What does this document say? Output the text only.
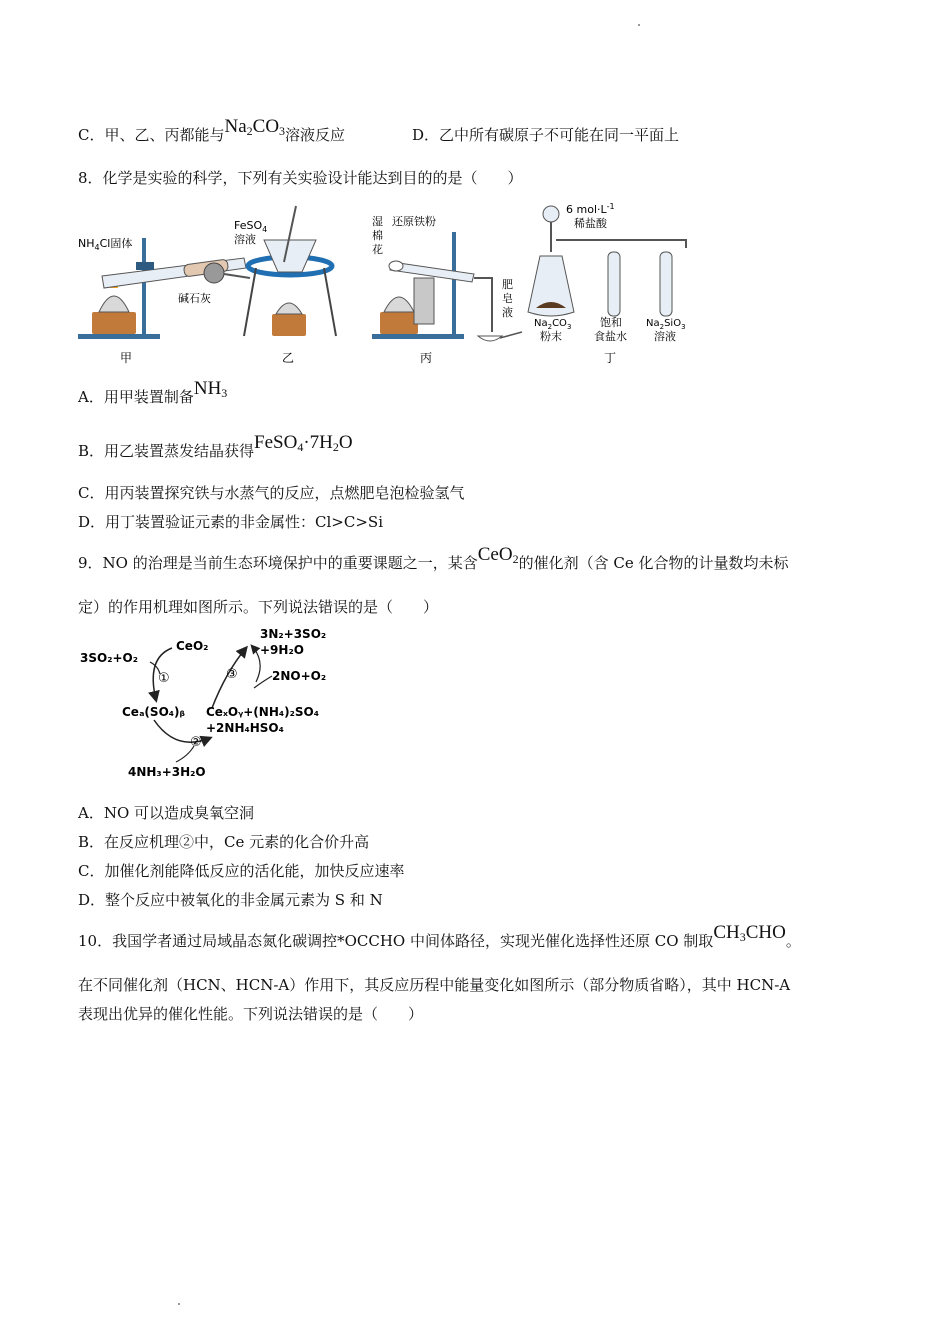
C．甲、乙、丙都能与$Na_2CO_3$溶液反应	D．乙中所有碳原子不可能在同一平面上
8．化学是实验的科学，下列有关实验设计能达到目的的是（　　）
$NH_4Cl$固体
碱石灰
甲
FeSO$_4$
溶液
乙
还原铁粉
湿
棉
花
肥
皂
液
丙
6 $mol\cdot L^{-1}$
稀盐酸
$Na_2CO_3$
粉末
饱和
食盐水
$Na_2SiO_3$
溶液
丁
A．用甲装置制备$NH_3$
B．用乙装置蒸发结晶获得$FeSO_4\cdot 7H_2O$
C．用丙装置探究铁与水蒸气的反应，点燃肥皂泡检验氢气
D．用丁装置验证元素的非金属性：Cl>C>Si
9．NO 的治理是当前生态环境保护中的重要课题之一，某含CeO$_2$的催化剂（含 Ce 化合物的计量数均未标
定）的作用机理如图所示。下列说法错误的是（　　）
CeO₂
3SO₂+O₂
Ceₐ(SO₄)ᵦ
3N₂+3SO₂
+9H₂O
2NO+O₂
CeₓOᵧ+(NH₄)₂SO₄
+2NH₄HSO₄
4NH₃+3H₂O
①
②
③
A．NO 可以造成臭氧空洞
B．在反应机理②中，Ce 元素的化合价升高
C．加催化剂能降低反应的活化能，加快反应速率
D．整个反应中被氧化的非金属元素为 S 和 N
10．我国学者通过局域晶态氮化碳调控*OCCHO 中间体路径，实现光催化选择性还原 CO 制取$CH_3CHO$。
在不同催化剂（HCN、HCN-A）作用下，其反应历程中能量变化如图所示（部分物质省略），其中 HCN-A
表现出优异的催化性能。下列说法错误的是（　　）
